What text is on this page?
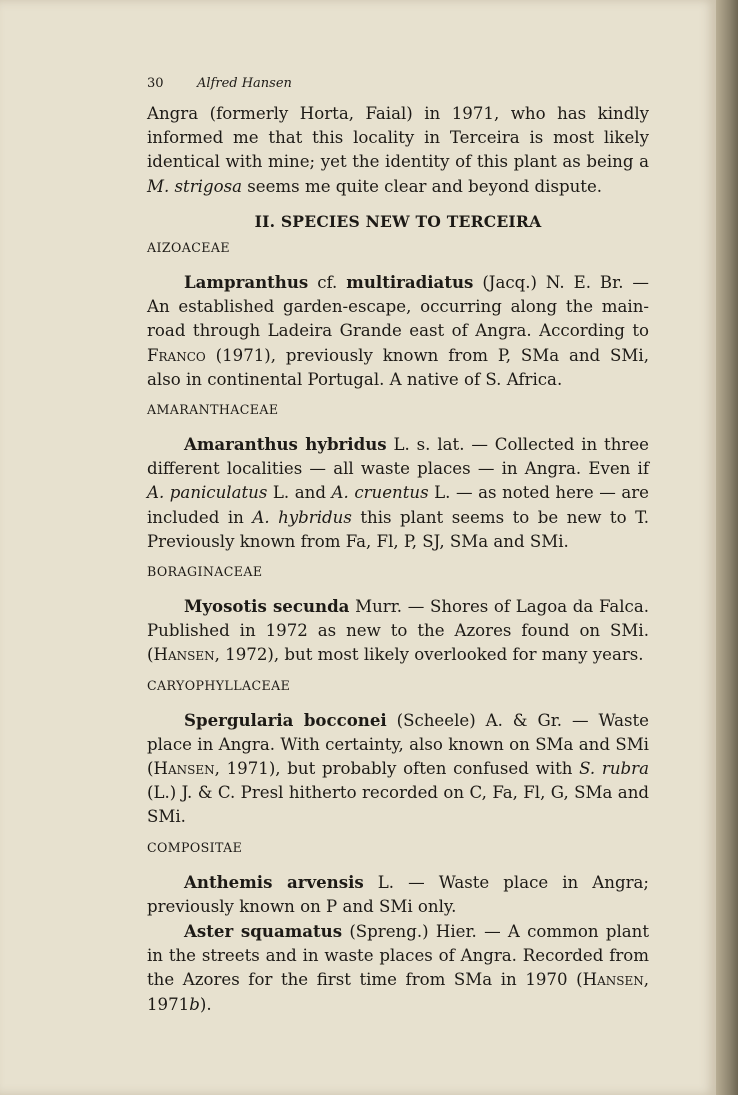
30	Alfred Hansen

Angra (formerly Horta, Faial) in 1971, who has kindly informed me that this locality in Terceira is most likely identical with mine; yet the identity of this plant as being a M. strigosa seems me quite clear and beyond dispute.

II. SPECIES NEW TO TERCEIRA
AIZOACEAE

Lampranthus cf. multiradiatus (Jacq.) N. E. Br. — An established garden-escape, occurring along the main-road through Ladeira Grande east of Angra. According to Franco (1971), previously known from P, SMa and SMi, also in continental Portugal. A native of S. Africa.

AMARANTHACEAE

Amaranthus hybridus L. s. lat. — Collected in three different localities — all waste places — in Angra. Even if A. paniculatus L. and A. cruentus L. — as noted here — are included in A. hybridus this plant seems to be new to T. Previously known from Fa, Fl, P, SJ, SMa and SMi.

BORAGINACEAE

Myosotis secunda Murr. — Shores of Lagoa da Falca. Published in 1972 as new to the Azores found on SMi. (Hansen, 1972), but most likely overlooked for many years.

CARYOPHYLLACEAE

Spergularia bocconei (Scheele) A. & Gr. — Waste place in Angra. With certainty, also known on SMa and SMi (Hansen, 1971), but probably often confused with S. rubra (L.) J. & C. Presl hitherto recorded on C, Fa, Fl, G, SMa and SMi.

COMPOSITAE

Anthemis arvensis L. — Waste place in Angra; previously known on P and SMi only.

Aster squamatus (Spreng.) Hier. — A common plant in the streets and in waste places of Angra. Recorded from the Azores for the first time from SMa in 1970 (Hansen, 1971b).
